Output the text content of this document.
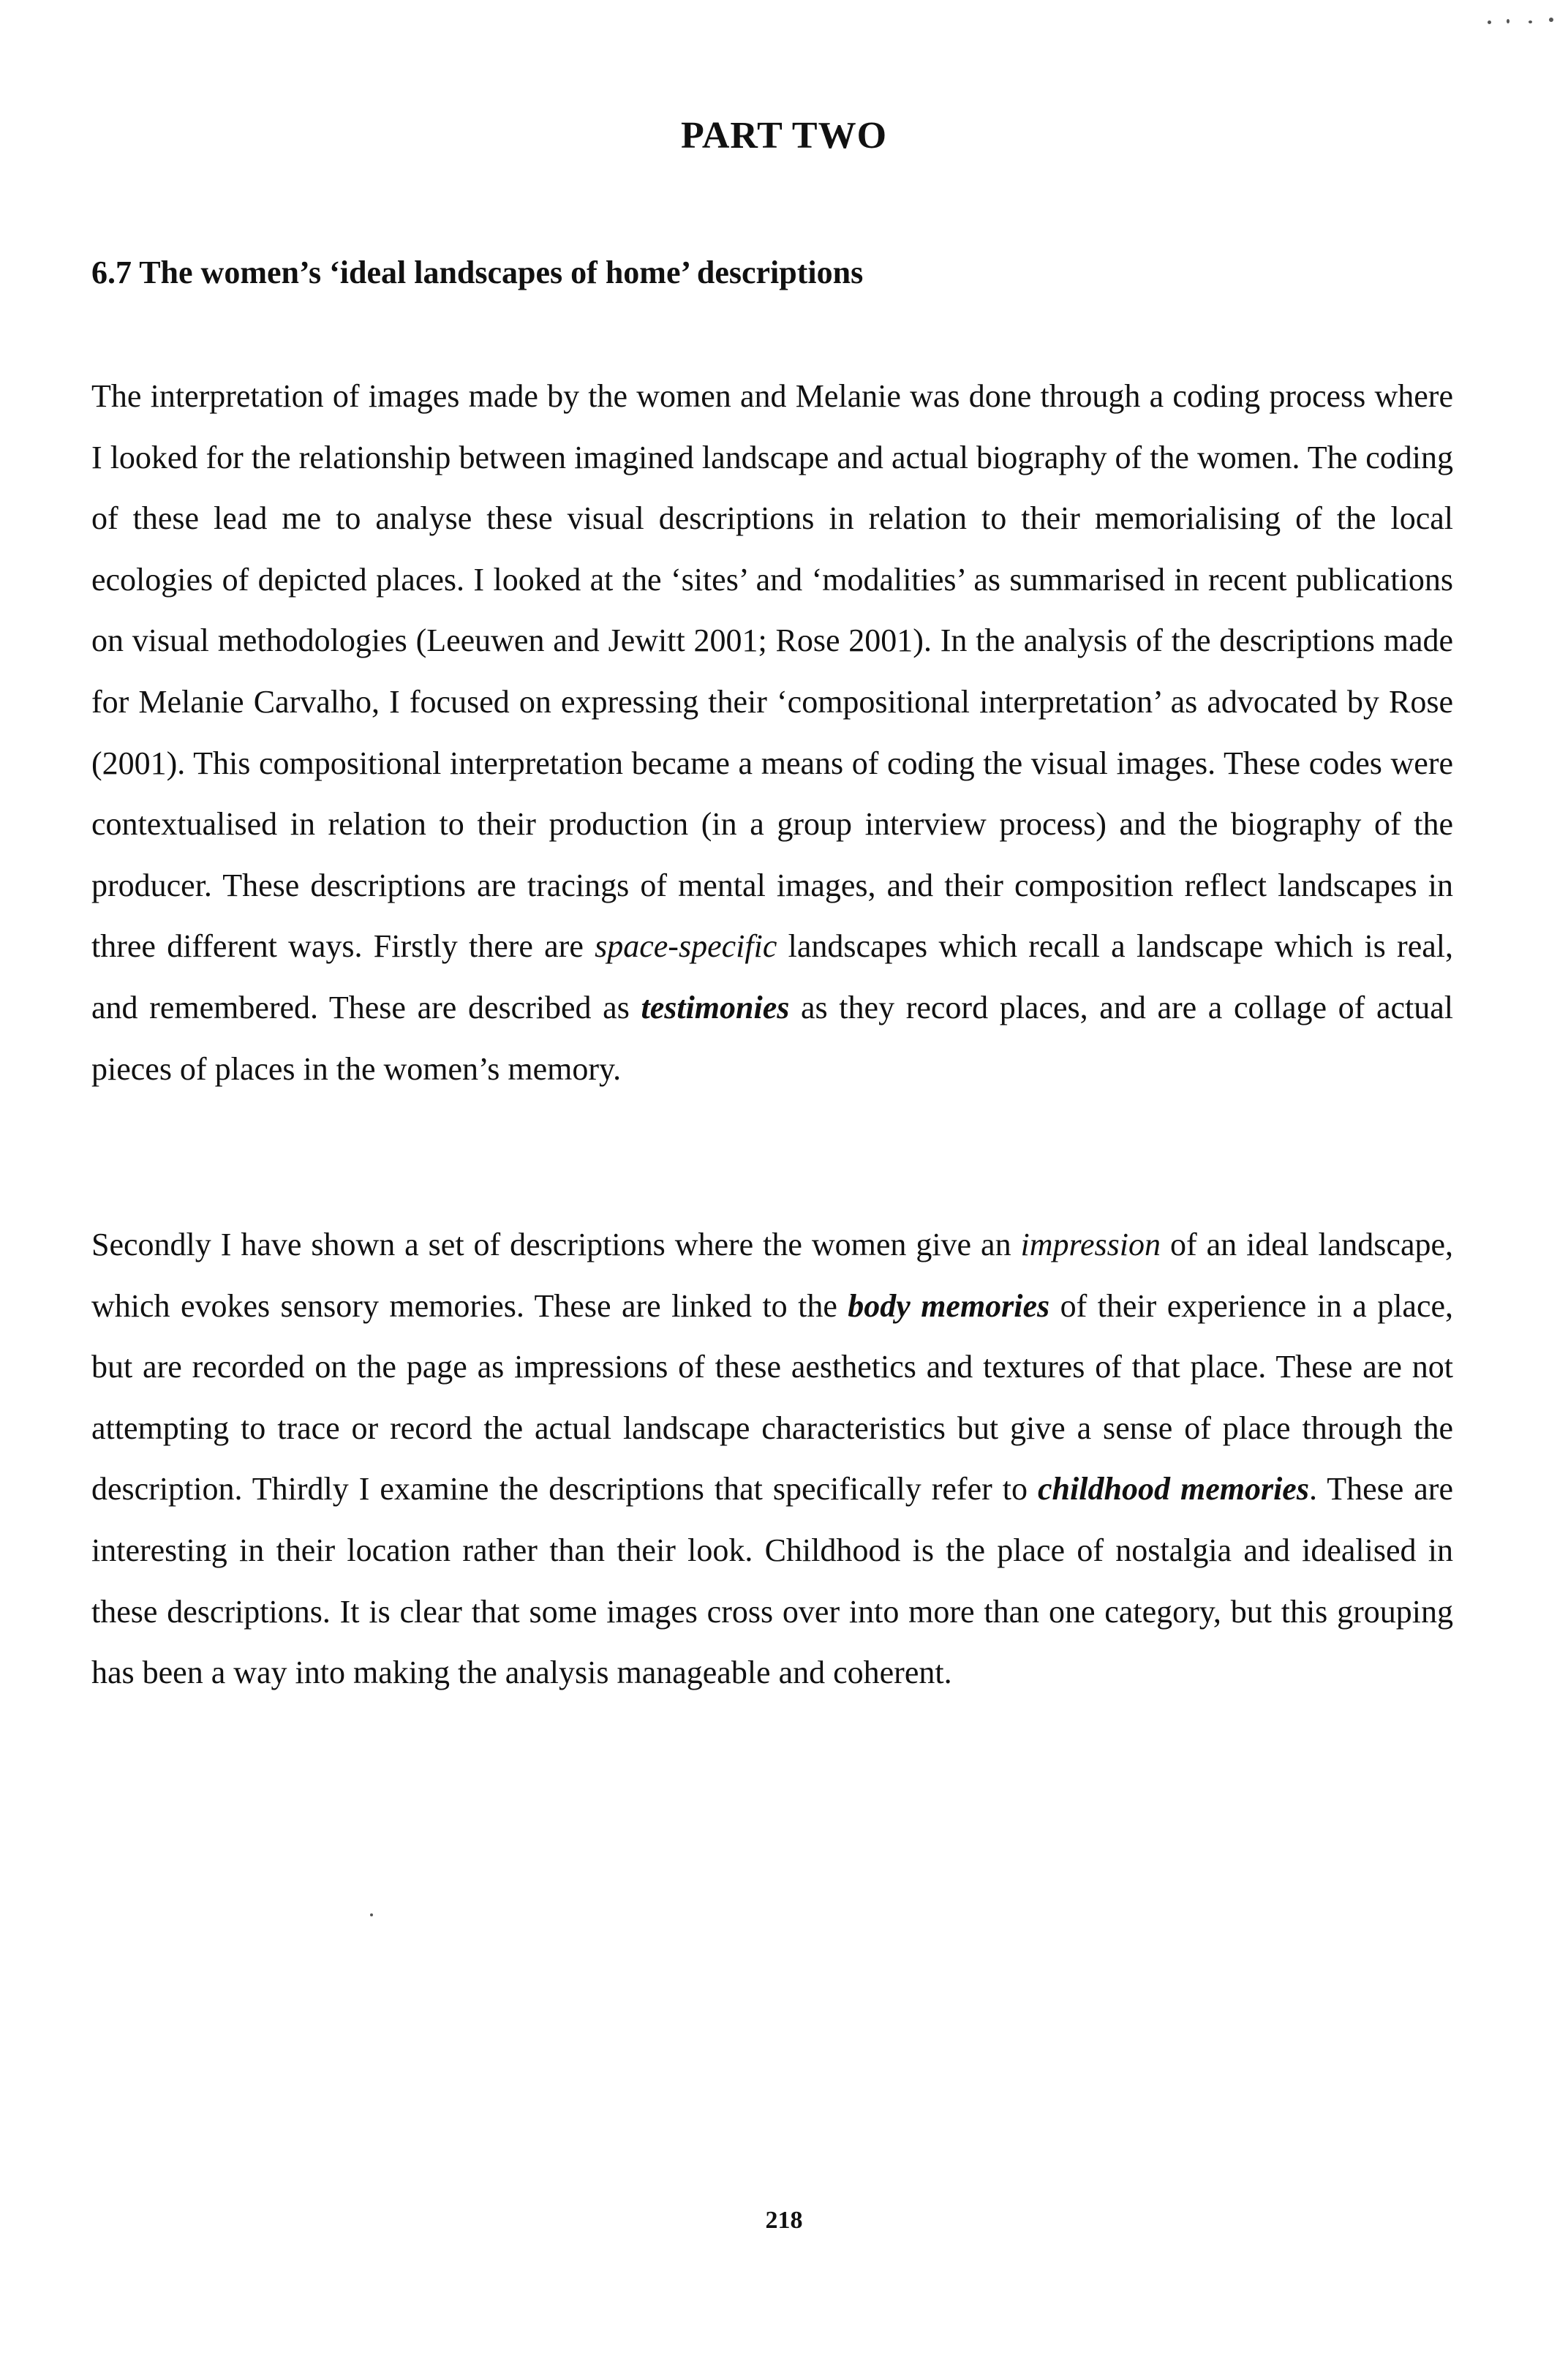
PART TWO
6.7 The women’s ‘ideal landscapes of home’ descriptions

The interpretation of images made by the women and Melanie was done through a coding process where I looked for the relationship between imagined landscape and actual biography of the women. The coding of these lead me to analyse these visual descriptions in relation to their memorialising of the local ecologies of depicted places. I looked at the ‘sites’ and ‘modalities’ as summarised in recent publications on visual methodologies (Leeuwen and Jewitt 2001; Rose 2001). In the analysis of the descriptions made for Melanie Carvalho, I focused on expressing their ‘compositional interpretation’ as advocated by Rose (2001). This compositional interpretation became a means of coding the visual images. These codes were contextualised in relation to their production (in a group interview process) and the biography of the producer. These descriptions are tracings of mental images, and their composition reflect landscapes in three different ways. Firstly there are space-specific landscapes which recall a landscape which is real, and remembered. These are described as testimonies as they record places, and are a collage of actual pieces of places in the women’s memory.

Secondly I have shown a set of descriptions where the women give an impression of an ideal landscape, which evokes sensory memories. These are linked to the body memories of their experience in a place, but are recorded on the page as impressions of these aesthetics and textures of that place. These are not attempting to trace or record the actual landscape characteristics but give a sense of place through the description. Thirdly I examine the descriptions that specifically refer to childhood memories. These are interesting in their location rather than their look. Childhood is the place of nostalgia and idealised in these descriptions. It is clear that some images cross over into more than one category, but this grouping has been a way into making the analysis manageable and coherent.

218
